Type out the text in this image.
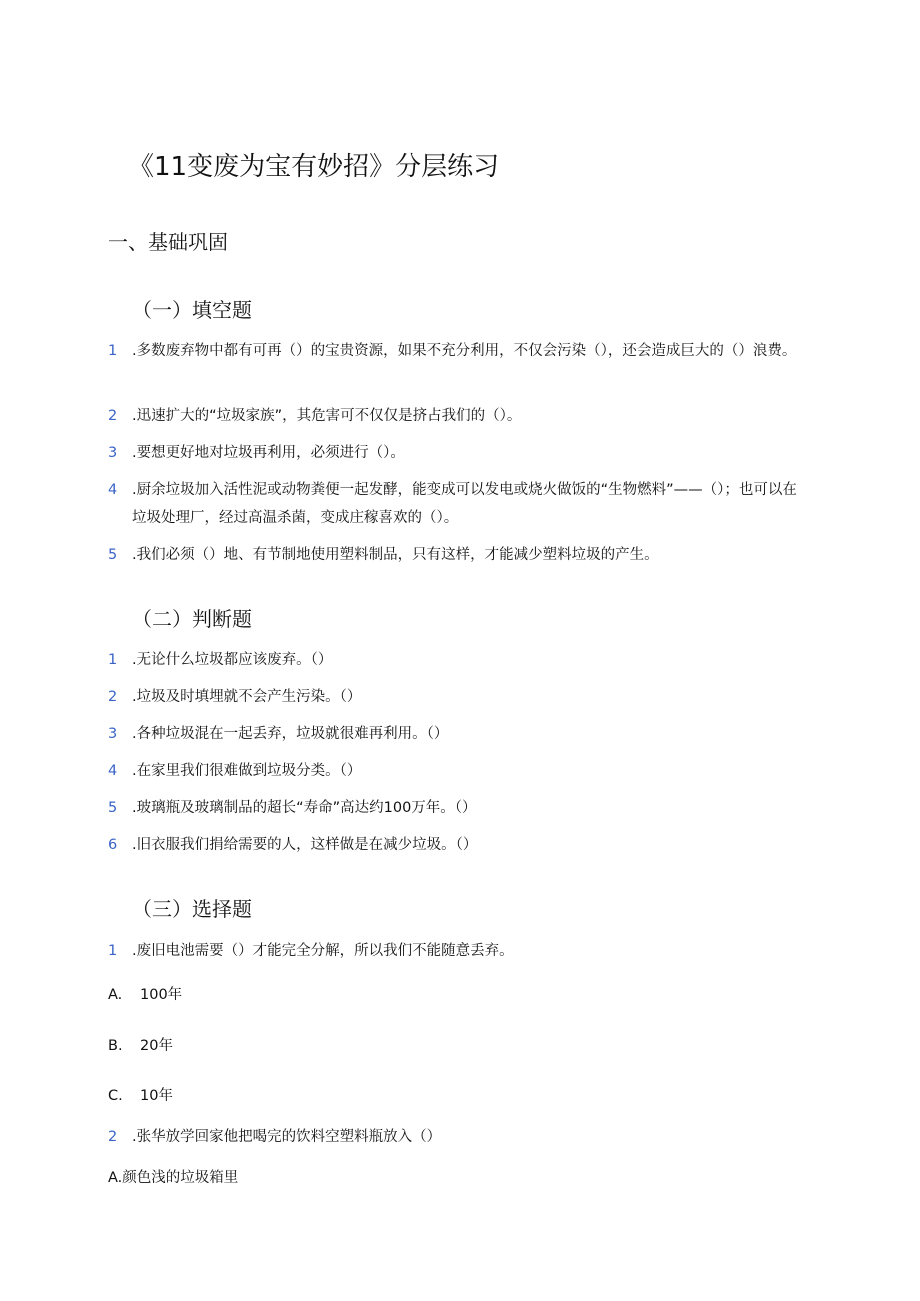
《11变废为宝有妙招》分层练习
一、基础巩固
（一）填空题
1	.多数废弃物中都有可再（）的宝贵资源，如果不充分利用，不仅会污染（），还会造成巨大的（）浪费。
2	.迅速扩大的“垃圾家族”，其危害可不仅仅是挤占我们的（）。
3	.要想更好地对垃圾再利用，必须进行（）。
4	.厨余垃圾加入活性泥或动物粪便一起发酵，能变成可以发电或烧火做饭的“生物燃料”——（）；也可以在垃圾处理厂，经过高温杀菌，变成庄稼喜欢的（）。
5	.我们必须（）地、有节制地使用塑料制品，只有这样，才能减少塑料垃圾的产生。
（二）判断题
1	.无论什么垃圾都应该废弃。（）
2	.垃圾及时填埋就不会产生污染。（）
3	.各种垃圾混在一起丢弃，垃圾就很难再利用。（）
4	.在家里我们很难做到垃圾分类。（）
5	.玻璃瓶及玻璃制品的超长“寿命”高达约100万年。（）
6	.旧衣服我们捐给需要的人，这样做是在减少垃圾。（）
（三）选择题
1	.废旧电池需要（）才能完全分解，所以我们不能随意丢弃。
A. 100年
B. 20年
C. 10年
2	.张华放学回家他把喝完的饮料空塑料瓶放入（）
A.颜色浅的垃圾箱里
